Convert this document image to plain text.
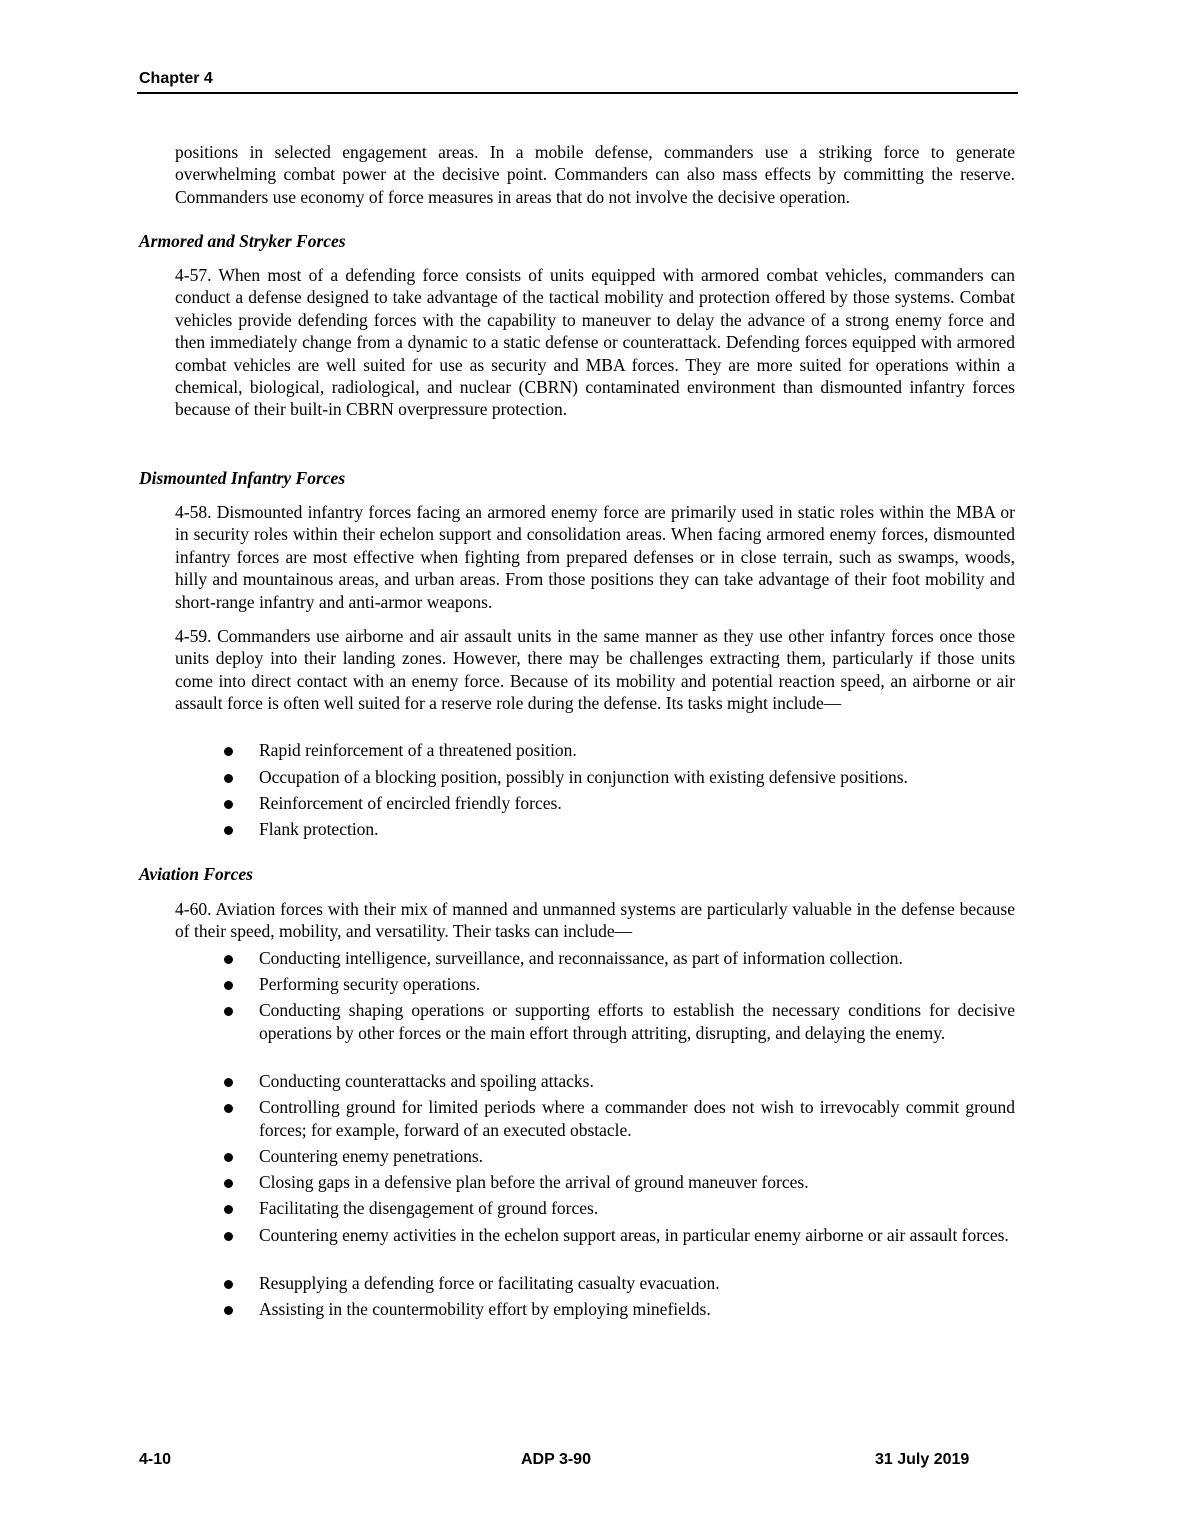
Chapter 4

positions in selected engagement areas. In a mobile defense, commanders use a striking force to generate overwhelming combat power at the decisive point. Commanders can also mass effects by committing the reserve. Commanders use economy of force measures in areas that do not involve the decisive operation.

Armored and Stryker Forces

4-57. When most of a defending force consists of units equipped with armored combat vehicles, commanders can conduct a defense designed to take advantage of the tactical mobility and protection offered by those systems. Combat vehicles provide defending forces with the capability to maneuver to delay the advance of a strong enemy force and then immediately change from a dynamic to a static defense or counterattack. Defending forces equipped with armored combat vehicles are well suited for use as security and MBA forces. They are more suited for operations within a chemical, biological, radiological, and nuclear (CBRN) contaminated environment than dismounted infantry forces because of their built-in CBRN overpressure protection.

Dismounted Infantry Forces

4-58. Dismounted infantry forces facing an armored enemy force are primarily used in static roles within the MBA or in security roles within their echelon support and consolidation areas. When facing armored enemy forces, dismounted infantry forces are most effective when fighting from prepared defenses or in close terrain, such as swamps, woods, hilly and mountainous areas, and urban areas. From those positions they can take advantage of their foot mobility and short-range infantry and anti-armor weapons.

4-59. Commanders use airborne and air assault units in the same manner as they use other infantry forces once those units deploy into their landing zones. However, there may be challenges extracting them, particularly if those units come into direct contact with an enemy force. Because of its mobility and potential reaction speed, an airborne or air assault force is often well suited for a reserve role during the defense. Its tasks might include—

Rapid reinforcement of a threatened position.
Occupation of a blocking position, possibly in conjunction with existing defensive positions.
Reinforcement of encircled friendly forces.
Flank protection.
Aviation Forces

4-60. Aviation forces with their mix of manned and unmanned systems are particularly valuable in the defense because of their speed, mobility, and versatility. Their tasks can include—

Conducting intelligence, surveillance, and reconnaissance, as part of information collection.
Performing security operations.
Conducting shaping operations or supporting efforts to establish the necessary conditions for decisive operations by other forces or the main effort through attriting, disrupting, and delaying the enemy.
Conducting counterattacks and spoiling attacks.
Controlling ground for limited periods where a commander does not wish to irrevocably commit ground forces; for example, forward of an executed obstacle.
Countering enemy penetrations.
Closing gaps in a defensive plan before the arrival of ground maneuver forces.
Facilitating the disengagement of ground forces.
Countering enemy activities in the echelon support areas, in particular enemy airborne or air assault forces.
Resupplying a defending force or facilitating casualty evacuation.
Assisting in the countermobility effort by employing minefields.
4-10	ADP 3-90	31 July 2019
